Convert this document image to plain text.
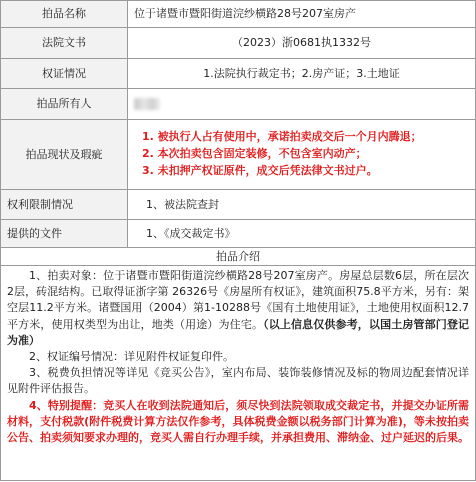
拍品名称	位于诸暨市暨阳街道浣纱横路28号207室房产
法院文书	（2023）浙0681执1332号
权证情况	1.法院执行裁定书；2.房产证；3.土地证
拍品所有人	
拍品现状及瑕疵	1. 被执行人占有使用中，承诺拍卖成交后一个月内腾退；
2. 本次拍卖包含固定装修，不包含室内动产；
3. 未扣押产权证原件，成交后凭法律文书过户。

权利限制情况	1、被法院查封
提供的文件	1、《成交裁定书》
拍品介绍	

1、拍卖对象：位于诸暨市暨阳街道浣纱横路28号207室房产。房屋总层数6层，所在层次2层，砖混结构。已取得证浙字第 26326号《房屋所有权证》，建筑面积75.8平方米，另有：架空层11.2平方米。诸暨国用（2004）第1-10288号《国有土地使用证》，土地使用权面积12.7平方米，使用权类型为出让，地类（用途）为住宅。（以上信息仅供参考，以国土房管部门登记为准）

2、权证编号情况：详见附件权证复印件。

3、税费负担情况等详见《竞买公告》，室内布局、装饰装修情况及标的物周边配套情况详见附件评估报告。

4、特别提醒：竞买人在收到法院通知后，须尽快到法院领取成交裁定书，并提交办证所需材料，支付税款(附件税费计算方法仅作参考，具体税费金额以税务部门计算为准)，等未按拍卖公告、拍卖须知要求办理的，竞买人需自行办理手续，并承担费用、滞纳金、过户延迟的后果。	
